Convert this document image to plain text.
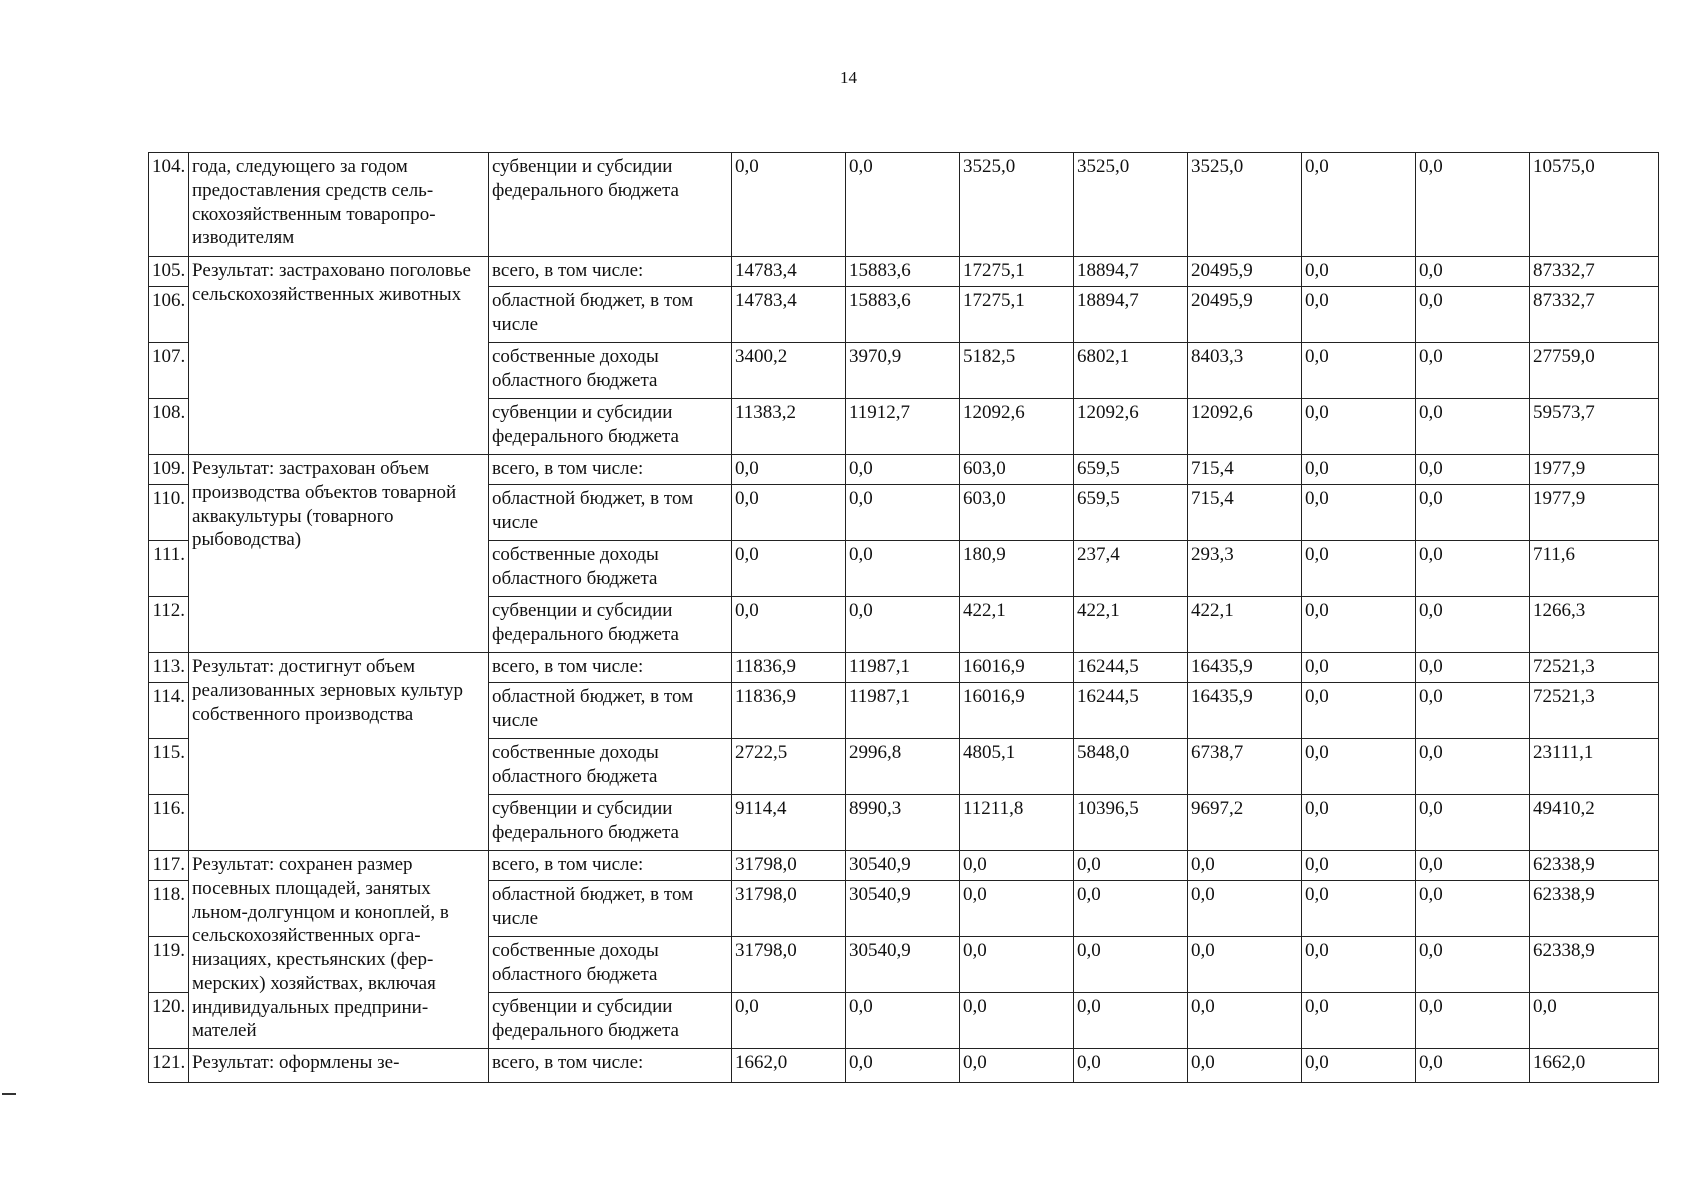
14
104.	года, следующего за годом предоставления средств сельскохозяйственным товаропроизводителям	субвенции и субсидии федерального бюджета	0,0	0,0	3525,0	3525,0	3525,0	0,0	0,0	10575,0
105.	Результат: застраховано поголовье сельскохозяйственных животных	всего, в том числе:	14783,4	15883,6	17275,1	18894,7	20495,9	0,0	0,0	87332,7
106.		областной бюджет, в том числе	14783,4	15883,6	17275,1	18894,7	20495,9	0,0	0,0	87332,7
107.		собственные доходы областного бюджета	3400,2	3970,9	5182,5	6802,1	8403,3	0,0	0,0	27759,0
108.		субвенции и субсидии федерального бюджета	11383,2	11912,7	12092,6	12092,6	12092,6	0,0	0,0	59573,7
109.	Результат: застрахован объем производства объектов товарной аквакультуры (товарного рыбоводства)	всего, в том числе:	0,0	0,0	603,0	659,5	715,4	0,0	0,0	1977,9
110.		областной бюджет, в том числе	0,0	0,0	603,0	659,5	715,4	0,0	0,0	1977,9
111.		собственные доходы областного бюджета	0,0	0,0	180,9	237,4	293,3	0,0	0,0	711,6
112.		субвенции и субсидии федерального бюджета	0,0	0,0	422,1	422,1	422,1	0,0	0,0	1266,3
113.	Результат: достигнут объем реализованных зерновых культур собственного производства	всего, в том числе:	11836,9	11987,1	16016,9	16244,5	16435,9	0,0	0,0	72521,3
114.		областной бюджет, в том числе	11836,9	11987,1	16016,9	16244,5	16435,9	0,0	0,0	72521,3
115.		собственные доходы областного бюджета	2722,5	2996,8	4805,1	5848,0	6738,7	0,0	0,0	23111,1
116.		субвенции и субсидии федерального бюджета	9114,4	8990,3	11211,8	10396,5	9697,2	0,0	0,0	49410,2
117.	Результат: сохранен размер посевных площадей, занятых льном-долгунцом и коноплей, в сельскохозяйственных организациях, крестьянских (фермерских) хозяйствах, включая индивидуальных предпринимателей	всего, в том числе:	31798,0	30540,9	0,0	0,0	0,0	0,0	0,0	62338,9
118.		областной бюджет, в том числе	31798,0	30540,9	0,0	0,0	0,0	0,0	0,0	62338,9
119.		собственные доходы областного бюджета	31798,0	30540,9	0,0	0,0	0,0	0,0	0,0	62338,9
120.		субвенции и субсидии федерального бюджета	0,0	0,0	0,0	0,0	0,0	0,0	0,0	0,0
121.	Результат: оформлены зе-	всего, в том числе:	1662,0	0,0	0,0	0,0	0,0	0,0	0,0	1662,0
